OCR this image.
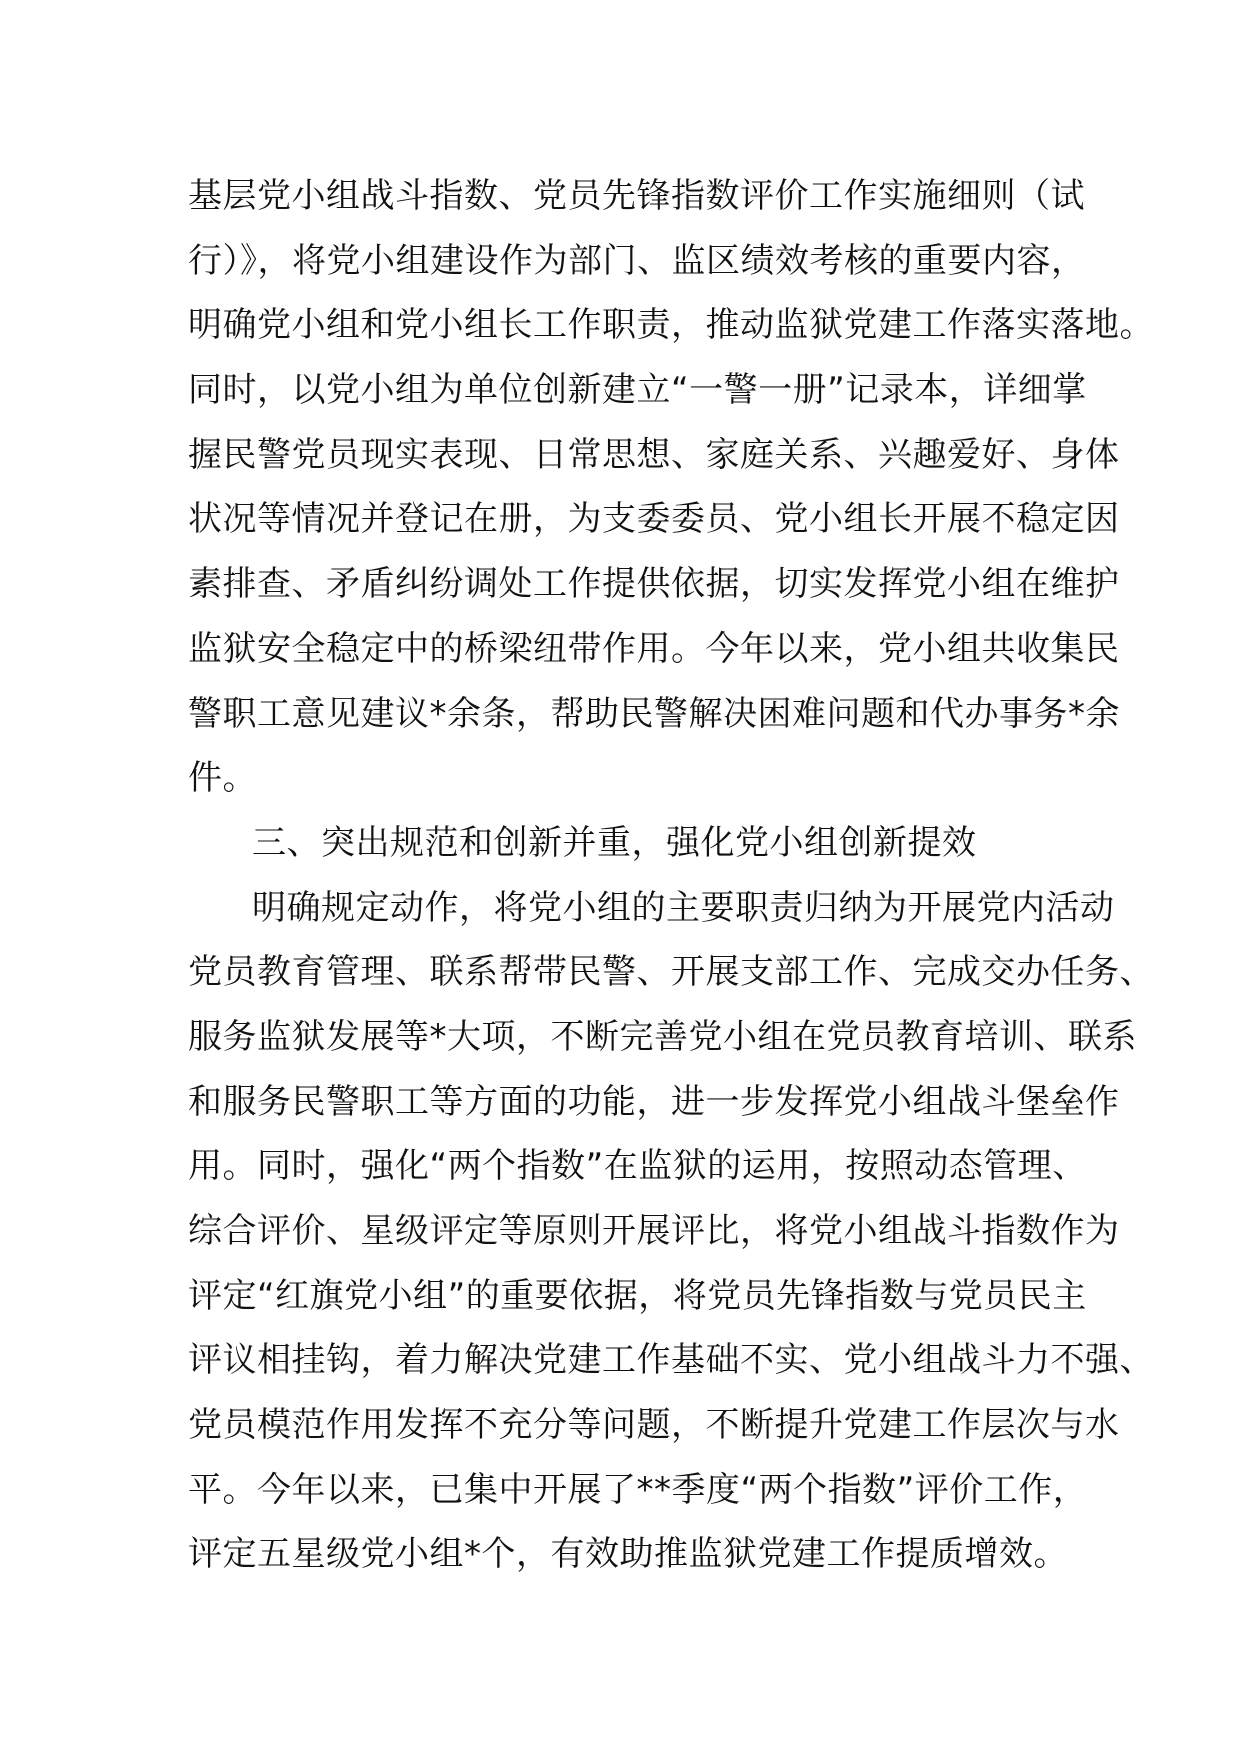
基层党小组战斗指数、党员先锋指数评价工作实施细则（试
行）》，将党小组建设作为部门、监区绩效考核的重要内容，
明确党小组和党小组长工作职责，推动监狱党建工作落实落地。
同时，以党小组为单位创新建立“一警一册”记录本，详细掌
握民警党员现实表现、日常思想、家庭关系、兴趣爱好、身体
状况等情况并登记在册，为支委委员、党小组长开展不稳定因
素排查、矛盾纠纷调处工作提供依据，切实发挥党小组在维护
监狱安全稳定中的桥梁纽带作用。今年以来，党小组共收集民
警职工意见建议*余条，帮助民警解决困难问题和代办事务*余
件。
三、突出规范和创新并重，强化党小组创新提效
明确规定动作，将党小组的主要职责归纳为开展党内活动
党员教育管理、联系帮带民警、开展支部工作、完成交办任务、
服务监狱发展等*大项，不断完善党小组在党员教育培训、联系
和服务民警职工等方面的功能，进一步发挥党小组战斗堡垒作
用。同时，强化“两个指数”在监狱的运用，按照动态管理、
综合评价、星级评定等原则开展评比，将党小组战斗指数作为
评定“红旗党小组”的重要依据，将党员先锋指数与党员民主
评议相挂钩，着力解决党建工作基础不实、党小组战斗力不强、
党员模范作用发挥不充分等问题，不断提升党建工作层次与水
平。今年以来，已集中开展了**季度“两个指数”评价工作，
评定五星级党小组*个，有效助推监狱党建工作提质增效。
